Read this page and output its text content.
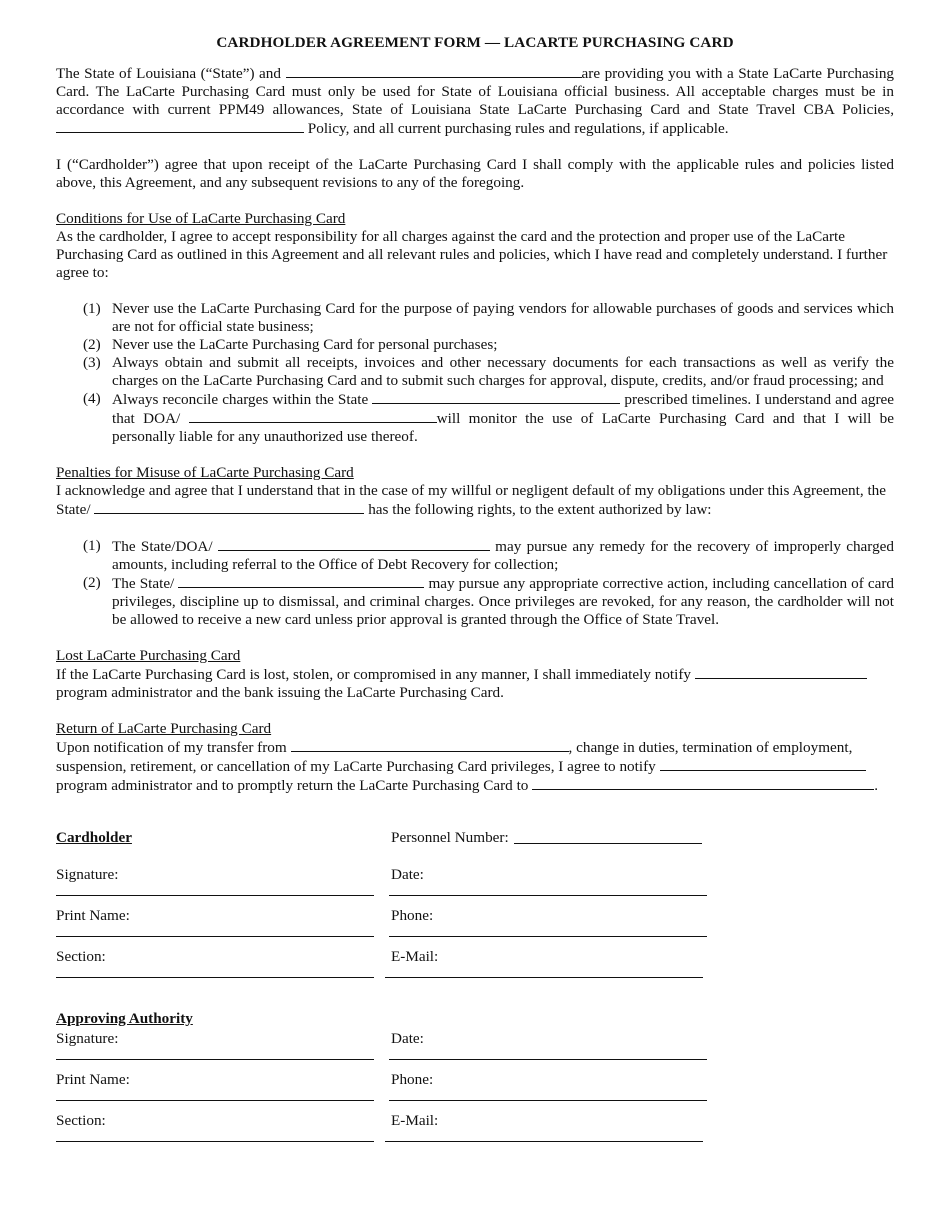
CARDHOLDER AGREEMENT FORM — LACARTE PURCHASING CARD

The State of Louisiana (“State”) and	are providing you with a State LaCarte Purchasing Card. The LaCarte Purchasing Card must only be used for State of Louisiana official business. All acceptable charges must be in accordance with current PPM49 allowances, State of Louisiana State LaCarte Purchasing Card and State Travel CBA Policies,  Policy, and all current purchasing rules and regulations, if applicable.

I (“Cardholder”) agree that upon receipt of the LaCarte Purchasing Card I shall comply with the applicable rules and policies listed above, this Agreement, and any subsequent revisions to any of the foregoing.

Conditions for Use of LaCarte Purchasing Card

As the cardholder, I agree to accept responsibility for all charges against the card and the protection and proper use of the LaCarte Purchasing Card as outlined in this Agreement and all relevant rules and policies, which I have read and completely understand. I further agree to:

(1) Never use the LaCarte Purchasing Card for the purpose of paying vendors for allowable purchases of goods and services which are not for official state business;
(2) Never use the LaCarte Purchasing Card for personal purchases;
(3) Always obtain and submit all receipts, invoices and other necessary documents for each transactions as well as verify the charges on the LaCarte Purchasing Card and to submit such charges for approval, dispute, credits, and/or fraud processing; and
(4) Always reconcile charges within the State	prescribed timelines. I understand and agree that DOA/	will monitor the use of LaCarte Purchasing Card and that I will be personally liable for any unauthorized use thereof.
Penalties for Misuse of LaCarte Purchasing Card

I acknowledge and agree that I understand that in the case of my willful or negligent default of my obligations under this Agreement, the State/	has the following rights, to the extent authorized by law:

(1) The State/DOA/	may pursue any remedy for the recovery of improperly charged amounts, including referral to the Office of Debt Recovery for collection;
(2) The State/	may pursue any appropriate corrective action, including cancellation of card privileges, discipline up to dismissal, and criminal charges. Once privileges are revoked, for any reason, the cardholder will not be allowed to receive a new card unless prior approval is granted through the Office of State Travel.
Lost LaCarte Purchasing Card

If the LaCarte Purchasing Card is lost, stolen, or compromised in any manner, I shall immediately notify  program administrator and the bank issuing the LaCarte Purchasing Card.

Return of LaCarte Purchasing Card

Upon notification of my transfer from	, change in duties, termination of employment, suspension, retirement, or cancellation of my LaCarte Purchasing Card privileges, I agree to notify  program administrator and to promptly return the LaCarte Purchasing Card to	.

Cardholder	Personnel Number:
Signature:	Date:
Print Name:	Phone:
Section:	E-Mail:
Approving Authority
Signature:	Date:
Print Name:	Phone:
Section:	E-Mail:
